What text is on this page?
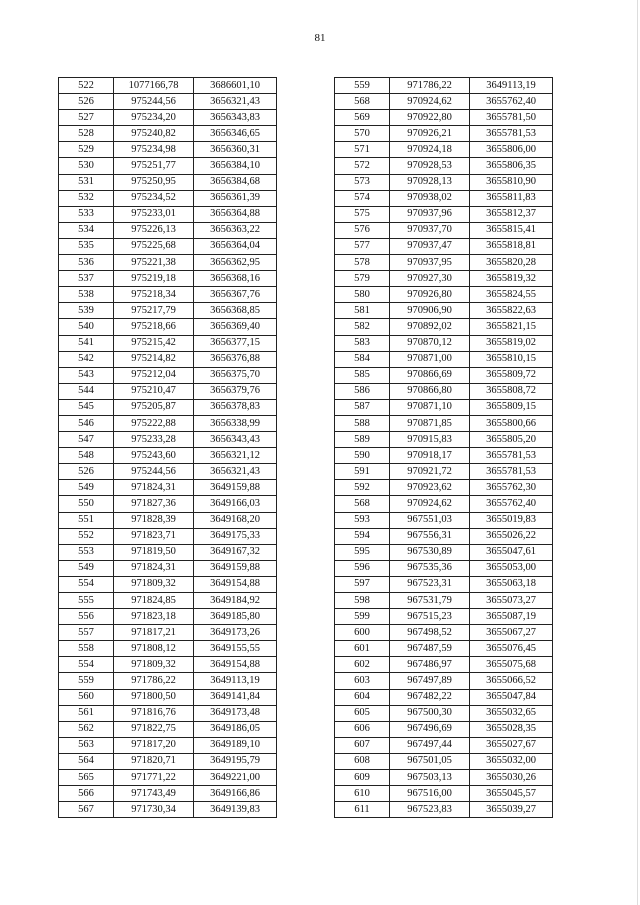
81
522	1077166,78	3686601,10
526	975244,56	3656321,43
527	975234,20	3656343,83
528	975240,82	3656346,65
529	975234,98	3656360,31
530	975251,77	3656384,10
531	975250,95	3656384,68
532	975234,52	3656361,39
533	975233,01	3656364,88
534	975226,13	3656363,22
535	975225,68	3656364,04
536	975221,38	3656362,95
537	975219,18	3656368,16
538	975218,34	3656367,76
539	975217,79	3656368,85
540	975218,66	3656369,40
541	975215,42	3656377,15
542	975214,82	3656376,88
543	975212,04	3656375,70
544	975210,47	3656379,76
545	975205,87	3656378,83
546	975222,88	3656338,99
547	975233,28	3656343,43
548	975243,60	3656321,12
526	975244,56	3656321,43
549	971824,31	3649159,88
550	971827,36	3649166,03
551	971828,39	3649168,20
552	971823,71	3649175,33
553	971819,50	3649167,32
549	971824,31	3649159,88
554	971809,32	3649154,88
555	971824,85	3649184,92
556	971823,18	3649185,80
557	971817,21	3649173,26
558	971808,12	3649155,55
554	971809,32	3649154,88
559	971786,22	3649113,19
560	971800,50	3649141,84
561	971816,76	3649173,48
562	971822,75	3649186,05
563	971817,20	3649189,10
564	971820,71	3649195,79
565	971771,22	3649221,00
566	971743,49	3649166,86
567	971730,34	3649139,83
559	971786,22	3649113,19
568	970924,62	3655762,40
569	970922,80	3655781,50
570	970926,21	3655781,53
571	970924,18	3655806,00
572	970928,53	3655806,35
573	970928,13	3655810,90
574	970938,02	3655811,83
575	970937,96	3655812,37
576	970937,70	3655815,41
577	970937,47	3655818,81
578	970937,95	3655820,28
579	970927,30	3655819,32
580	970926,80	3655824,55
581	970906,90	3655822,63
582	970892,02	3655821,15
583	970870,12	3655819,02
584	970871,00	3655810,15
585	970866,69	3655809,72
586	970866,80	3655808,72
587	970871,10	3655809,15
588	970871,85	3655800,66
589	970915,83	3655805,20
590	970918,17	3655781,53
591	970921,72	3655781,53
592	970923,62	3655762,30
568	970924,62	3655762,40
593	967551,03	3655019,83
594	967556,31	3655026,22
595	967530,89	3655047,61
596	967535,36	3655053,00
597	967523,31	3655063,18
598	967531,79	3655073,27
599	967515,23	3655087,19
600	967498,52	3655067,27
601	967487,59	3655076,45
602	967486,97	3655075,68
603	967497,89	3655066,52
604	967482,22	3655047,84
605	967500,30	3655032,65
606	967496,69	3655028,35
607	967497,44	3655027,67
608	967501,05	3655032,00
609	967503,13	3655030,26
610	967516,00	3655045,57
611	967523,83	3655039,27
